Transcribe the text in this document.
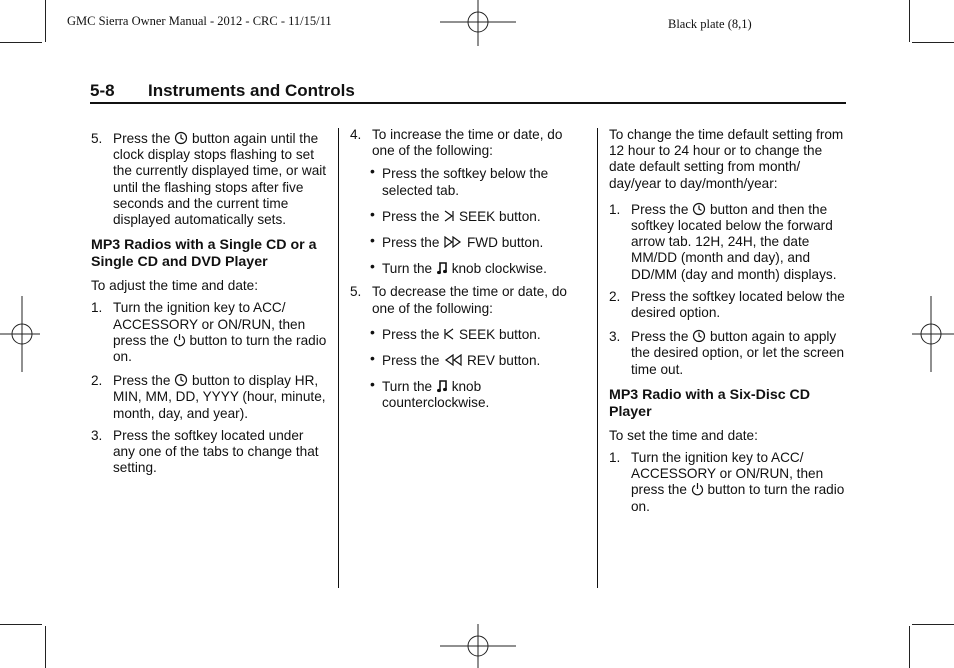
GMC Sierra Owner Manual - 2012 - CRC - 11/15/11	Black plate (8,1)
5-8 Instruments and Controls
5. Press the button again until the clock display stops flashing to set the currently displayed time, or wait until the flashing stops after five seconds and the current time displayed automatically sets.

MP3 Radios with a Single CD or a Single CD and DVD Player

To adjust the time and date:

1. Turn the ignition key to ACC/ ACCESSORY or ON/RUN, then press the button to turn the radio on.
2. Press the button to display HR, MIN, MM, DD, YYYY (hour, minute, month, day, and year).
3. Press the softkey located under any one of the tabs to change that setting.
4. To increase the time or date, do one of the following:
• Press the softkey below the selected tab.
• Press the SEEK button.
• Press the FWD button.
• Turn the knob clockwise.
5. To decrease the time or date, do one of the following:
• Press the SEEK button.
• Press the REV button.
• Turn the knob counterclockwise.

To change the time default setting from 12 hour to 24 hour or to change the date default setting from month/ day/year to day/month/year:

1. Press the button and then the softkey located below the forward arrow tab. 12H, 24H, the date MM/DD (month and day), and DD/MM (day and month) displays.
2. Press the softkey located below the desired option.
3. Press the button again to apply the desired option, or let the screen time out.

MP3 Radio with a Six-Disc CD Player

To set the time and date:

1. Turn the ignition key to ACC/ ACCESSORY or ON/RUN, then press the button to turn the radio on.
